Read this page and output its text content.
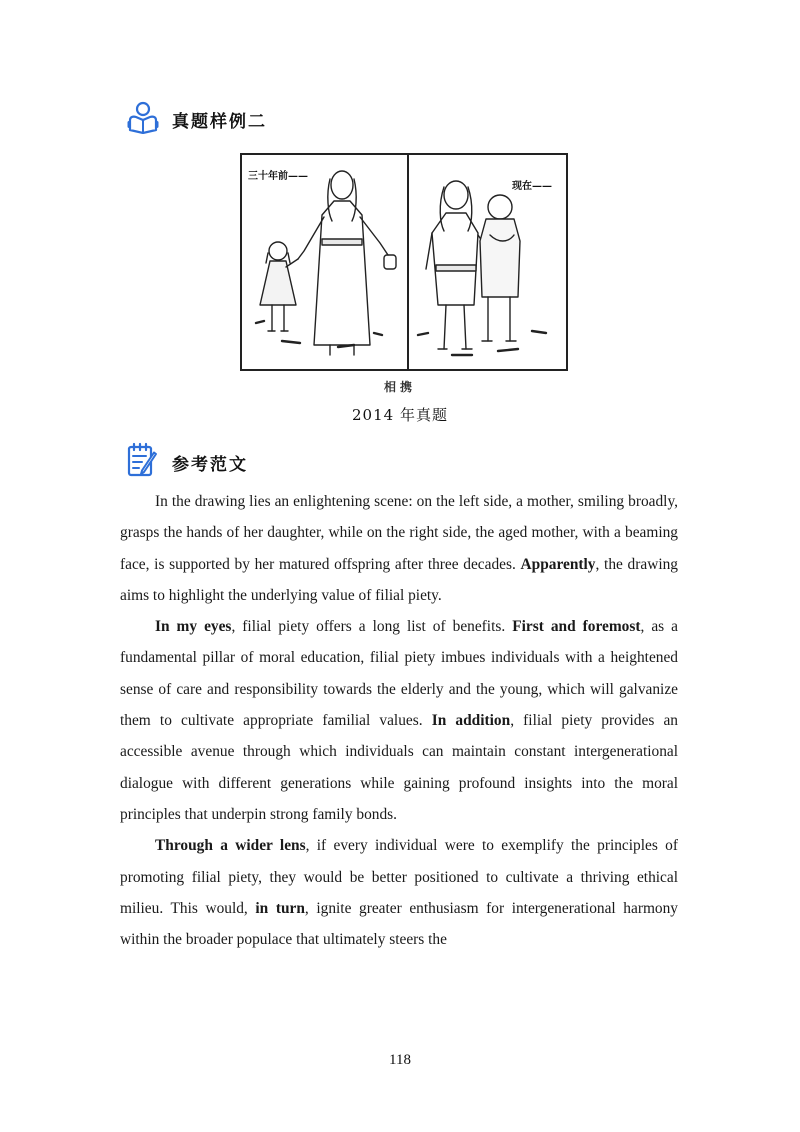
真题样例二
三十年前——
现在——
相携
2014 年真题
参考范文

In the drawing lies an enlightening scene: on the left side, a mother, smiling broadly, grasps the hands of her daughter, while on the right side, the aged mother, with a beaming face, is supported by her matured offspring after three decades. Apparently, the drawing aims to highlight the underlying value of filial piety.

In my eyes, filial piety offers a long list of benefits. First and foremost, as a fundamental pillar of moral education, filial piety imbues individuals with a heightened sense of care and responsibility towards the elderly and the young, which will galvanize them to cultivate appropriate familial values. In addition, filial piety provides an accessible avenue through which individuals can maintain constant intergenerational dialogue with different generations while gaining profound insights into the moral principles that underpin strong family bonds.

Through a wider lens, if every individual were to exemplify the principles of promoting filial piety, they would be better positioned to cultivate a thriving ethical milieu. This would, in turn, ignite greater enthusiasm for intergenerational harmony within the broader populace that ultimately steers the

118
